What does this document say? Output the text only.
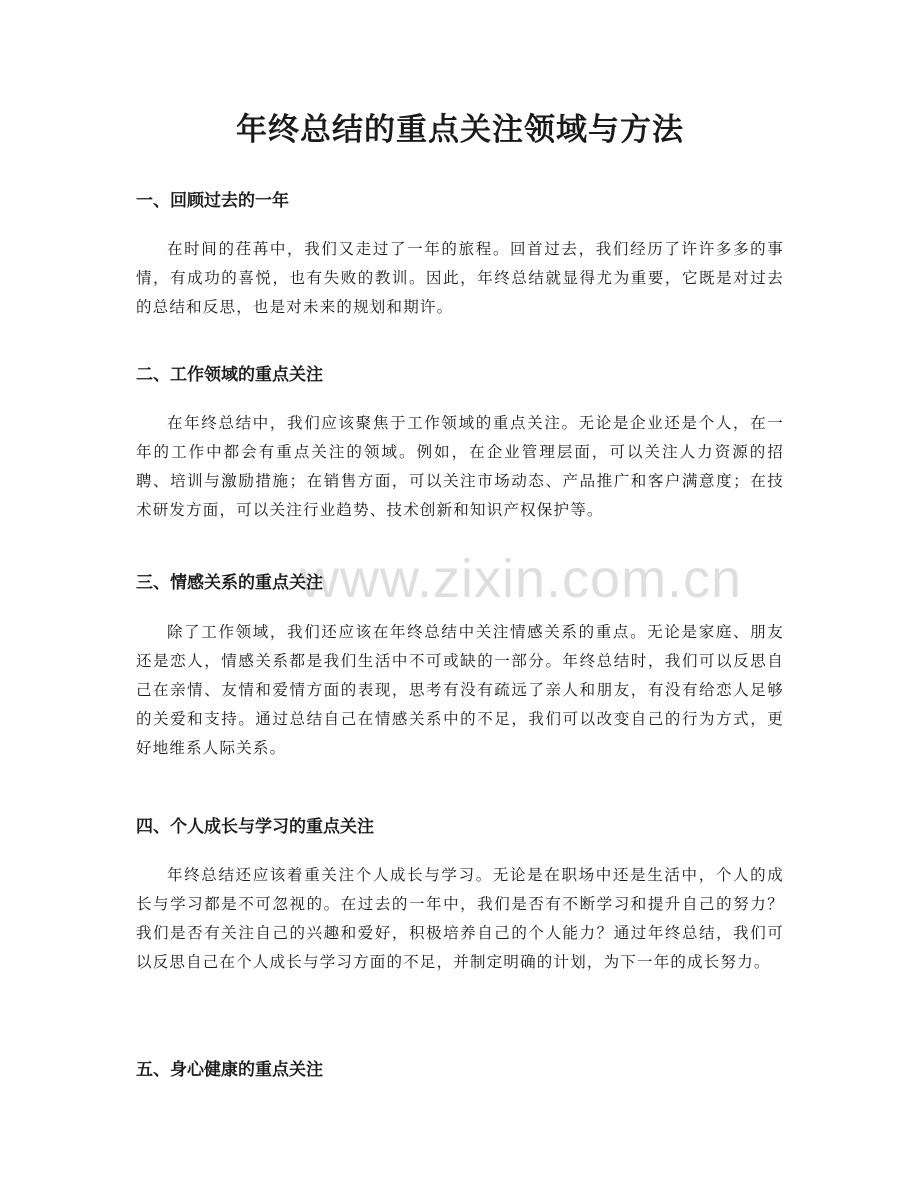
年终总结的重点关注领域与方法
www.zixin.com.cn
一、回顾过去的一年

在时间的荏苒中，我们又走过了一年的旅程。回首过去，我们经历了许许多多的事情，有成功的喜悦，也有失败的教训。因此，年终总结就显得尤为重要，它既是对过去的总结和反思，也是对未来的规划和期许。

二、工作领域的重点关注

在年终总结中，我们应该聚焦于工作领域的重点关注。无论是企业还是个人，在一年的工作中都会有重点关注的领域。例如，在企业管理层面，可以关注人力资源的招聘、培训与激励措施；在销售方面，可以关注市场动态、产品推广和客户满意度；在技术研发方面，可以关注行业趋势、技术创新和知识产权保护等。

三、情感关系的重点关注

除了工作领域，我们还应该在年终总结中关注情感关系的重点。无论是家庭、朋友还是恋人，情感关系都是我们生活中不可或缺的一部分。年终总结时，我们可以反思自己在亲情、友情和爱情方面的表现，思考有没有疏远了亲人和朋友，有没有给恋人足够的关爱和支持。通过总结自己在情感关系中的不足，我们可以改变自己的行为方式，更好地维系人际关系。

四、个人成长与学习的重点关注

年终总结还应该着重关注个人成长与学习。无论是在职场中还是生活中，个人的成长与学习都是不可忽视的。在过去的一年中，我们是否有不断学习和提升自己的努力？我们是否有关注自己的兴趣和爱好，积极培养自己的个人能力？通过年终总结，我们可以反思自己在个人成长与学习方面的不足，并制定明确的计划，为下一年的成长努力。

五、身心健康的重点关注
